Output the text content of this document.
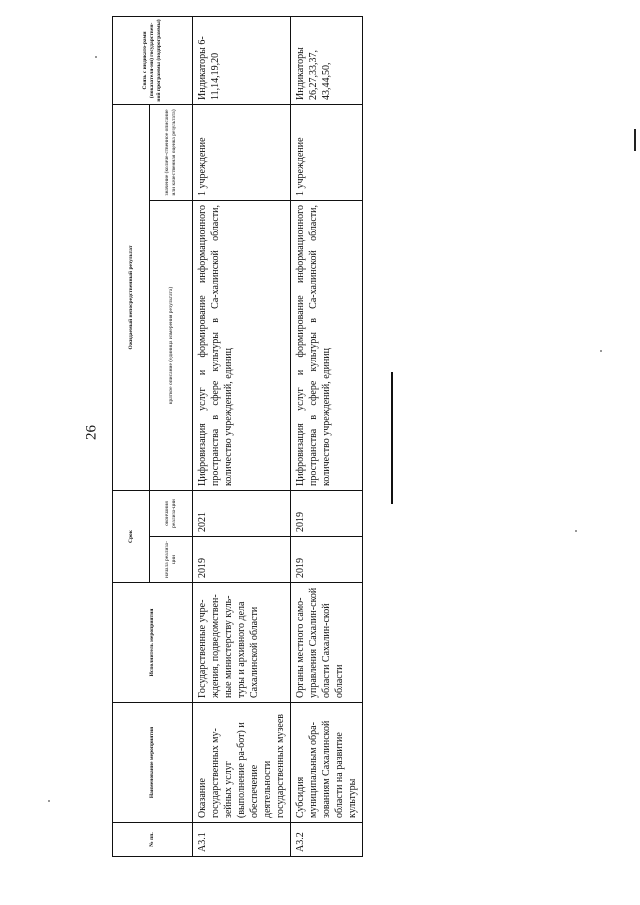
26
№ пп.	Наименование мероприятия	Исполнитель мероприятия	Срок		Ожидаемый непосредственный результат		Связь с индикато-рами (показателя-ми) государствен-ной программы (подпрограммы)
			начала реализа-ции	окончания реализа-ции	краткое описание (единица измерения результата)	значение (количе-ственное описание или качественная оценка результата)	
А3.1	Оказание государственных му-зейных услуг (выполнение ра-бот) и обеспечение деятельности государственных музеев	Государственные учре-ждения, подведомствен-ные министерству куль-туры и архивного дела Сахалинской области	2019	2021	Цифровизация услуг и формирование информационного пространства в сфере культуры в Са-халинской области, количество учреждений, единиц	1 учреждение	Индикаторы 6-11,14,19,20
А3.2	Субсидия муниципальным обра-зованиям Сахалинской области на развитие культуры	Органы местного само-управления Сахалин-ской области Сахалин-ской области	2019	2019	Цифровизация услуг и формирование информационного пространства в сфере культуры в Са-халинской области, количество учреждений, единиц	1 учреждение	Индикаторы 26,27,33,37, 43,44,50,
